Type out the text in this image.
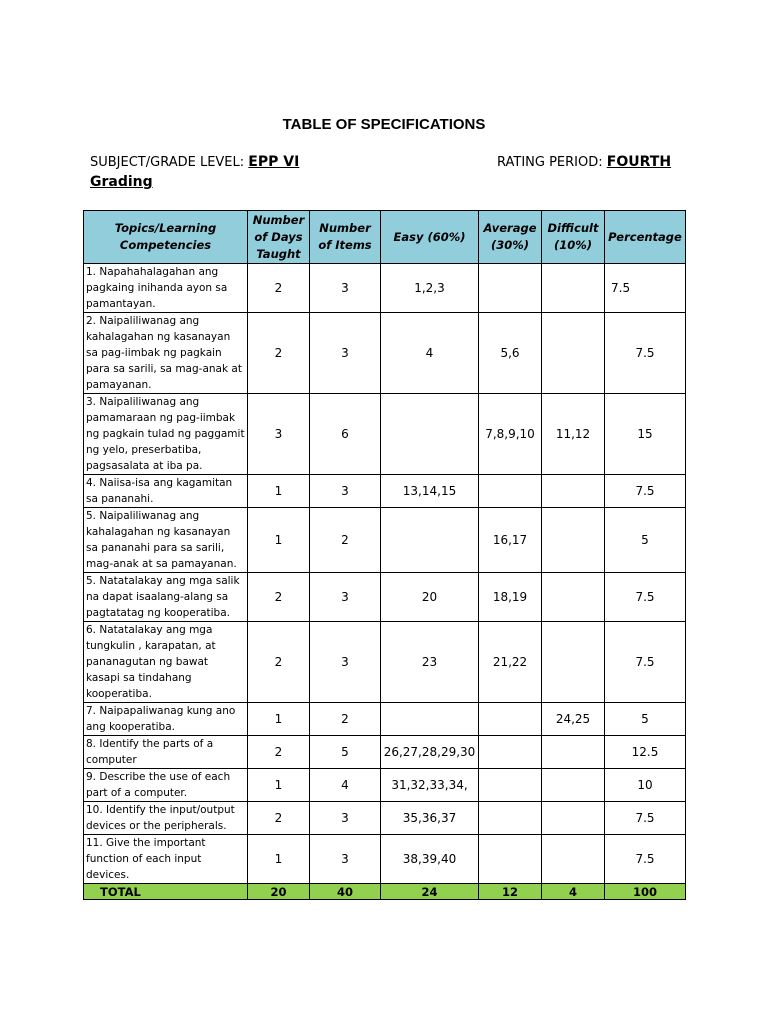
TABLE OF SPECIFICATIONS
SUBJECT/GRADE LEVEL: EPP VI	RATING PERIOD: FOURTH
Grading
Topics/Learning Competencies	Number of Days Taught	Number of Items	Easy (60%)	Average (30%)	Difficult (10%)	Percentage
1. Napahahalagahan ang pagkaing inihanda ayon sa pamantayan.	2	3	1,2,3			7.5
2. Naipaliliwanag ang kahalagahan ng kasanayan sa pag-iimbak ng pagkain para sa sarili, sa mag-anak at pamayanan.	2	3	4	5,6		7.5
3. Naipaliliwanag ang pamamaraan ng pag-iimbak ng pagkain tulad ng paggamit ng yelo, preserbatiba, pagsasalata at iba pa.	3	6		7,8,9,10	11,12	15
4. Naiisa-isa ang kagamitan sa pananahi.	1	3	13,14,15			7.5
5. Naipaliliwanag ang kahalagahan ng kasanayan sa pananahi para sa sarili, mag-anak at sa pamayanan.	1	2		16,17		5
5. Natatalakay ang mga salik na dapat isaalang-alang sa pagtatatag ng kooperatiba.	2	3	20	18,19		7.5
6. Natatalakay ang mga tungkulin , karapatan, at pananagutan ng bawat kasapi sa tindahang kooperatiba.	2	3	23	21,22		7.5
7. Naipapaliwanag kung ano ang kooperatiba.	1	2			24,25	5
8. Identify the parts of a computer	2	5	26,27,28,29,30			12.5
9. Describe the use of each part of a computer.	1	4	31,32,33,34,			10
10. Identify the input/output devices or the peripherals.	2	3	35,36,37			7.5
11. Give the important function of each input devices.	1	3	38,39,40			7.5
TOTAL	20	40	24	12	4	100
